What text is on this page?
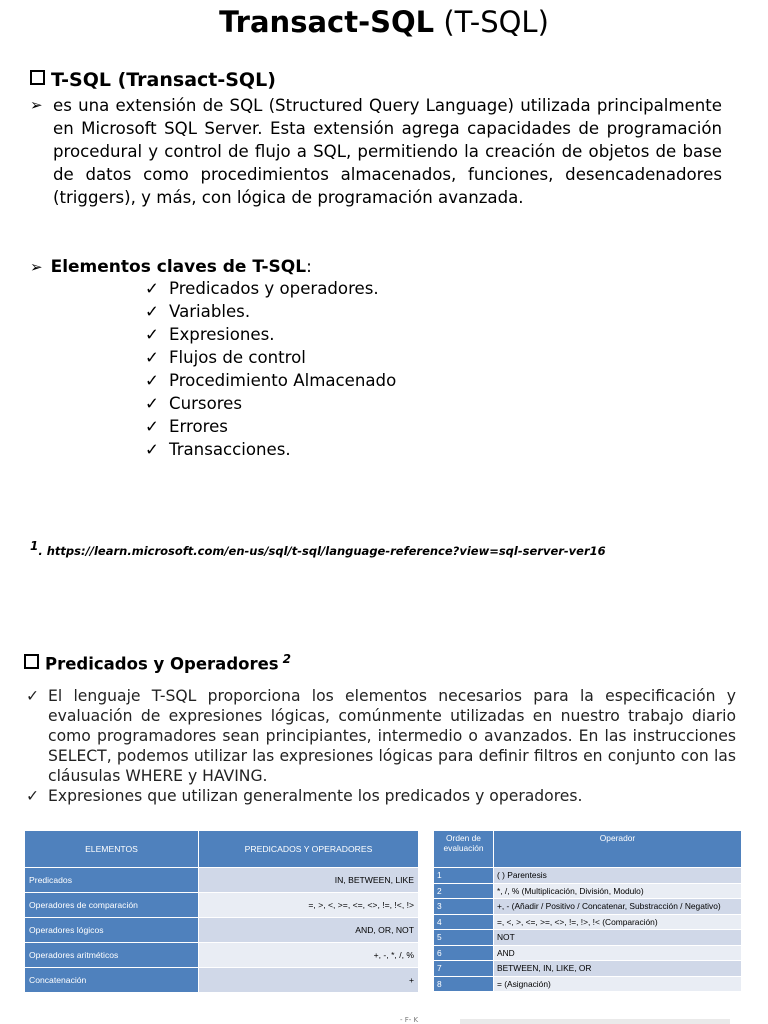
Transact-SQL (T-SQL)
T-SQL (Transact-SQL)
➢ es una extensión de SQL (Structured Query Language) utilizada principalmente en Microsoft SQL Server. Esta extensión agrega capacidades de programación procedural y control de flujo a SQL, permitiendo la creación de objetos de base de datos como procedimientos almacenados, funciones, desencadenadores (triggers), y más, con lógica de programación avanzada.
➢ Elementos claves de T-SQL:
✓ Predicados y operadores.
✓ Variables.
✓ Expresiones.
✓ Flujos de control
✓ Procedimiento Almacenado
✓ Cursores
✓ Errores
✓ Transacciones.
$^1$. https://learn.microsoft.com/en-us/sql/t-sql/language-reference?view=sql-server-ver16
Predicados y Operadores $^2$
✓ El lenguaje T-SQL proporciona los elementos necesarios para la especificación y evaluación de expresiones lógicas, comúnmente utilizadas en nuestro trabajo diario como programadores sean principiantes, intermedio o avanzados. En las instrucciones SELECT, podemos utilizar las expresiones lógicas para definir filtros en conjunto con las cláusulas WHERE y HAVING.
✓ Expresiones que utilizan generalmente los predicados y operadores.
ELEMENTOS	PREDICADOS Y OPERADORES
Predicados	IN, BETWEEN, LIKE
Operadores de comparación	=, >, <, >=, <=, <>, !=, !<, !>
Operadores lógicos	AND, OR, NOT
Operadores aritméticos	+, -, *, /, %
Concatenación	+
Orden de evaluación	Operador
1	( ) Parentesis
2	*, /, % (Multiplicación, División, Modulo)
3	+, - (Añadir / Positivo / Concatenar, Substracción / Negativo)
4	=, <, >, <=, >=, <>, !=, !>, !< (Comparación)
5	NOT
6	AND
7	BETWEEN, IN, LIKE, OR
8	= (Asignación)
- F- K
